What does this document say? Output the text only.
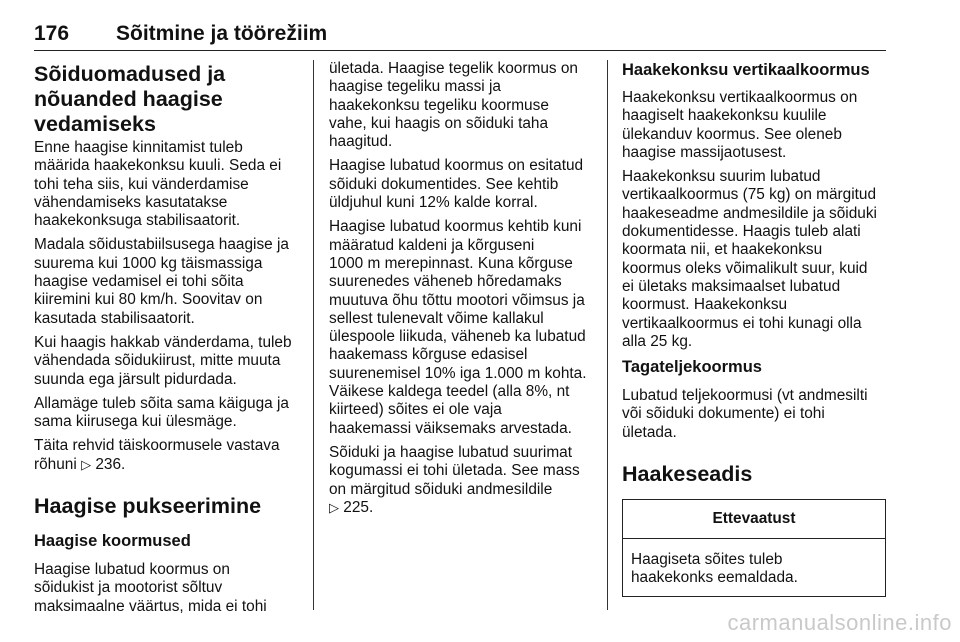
176 Sõitmine ja töörežiim
Sõiduomadused ja
nõuanded haagise
vedamiseks

Enne haagise kinnitamist tuleb
määrida haakekonksu kuuli. Seda ei
tohi teha siis, kui vänderdamise
vähendamiseks kasutatakse
haakekonksuga stabilisaatorit.

Madala sõidustabiilsusega haagise ja
suurema kui 1000 kg täismassiga
haagise vedamisel ei tohi sõita
kiiremini kui 80 km/h. Soovitav on
kasutada stabilisaatorit.

Kui haagis hakkab vänderdama, tuleb
vähendada sõidukiirust, mitte muuta
suunda ega järsult pidurdada.

Allamäge tuleb sõita sama käiguga ja
sama kiirusega kui ülesmäge.

Täita rehvid täiskoormusele vastava
rõhuni ▷ 236.

Haagise pukseerimine
Haagise koormused

Haagise lubatud koormus on
sõidukist ja mootorist sõltuv
maksimaalne väärtus, mida ei tohi

ületada. Haagise tegelik koormus on
haagise tegeliku massi ja
haakekonksu tegeliku koormuse
vahe, kui haagis on sõiduki taha
haagitud.

Haagise lubatud koormus on esitatud
sõiduki dokumentides. See kehtib
üldjuhul kuni 12% kalde korral.

Haagise lubatud koormus kehtib kuni
määratud kaldeni ja kõrguseni
1000 m merepinnast. Kuna kõrguse
suurenedes väheneb hõredamaks
muutuva õhu tõttu mootori võimsus ja
sellest tulenevalt võime kallakul
ülespoole liikuda, väheneb ka lubatud
haakemass kõrguse edasisel
suurenemisel 10% iga 1.000 m kohta.
Väikese kaldega teedel (alla 8%, nt
kiirteed) sõites ei ole vaja
haakemassi väiksemaks arvestada.

Sõiduki ja haagise lubatud suurimat
kogumassi ei tohi ületada. See mass
on märgitud sõiduki andmesildile
▷ 225.

Haakekonksu vertikaalkoormus

Haakekonksu vertikaalkoormus on
haagiselt haakekonksu kuulile
ülekanduv koormus. See oleneb
haagise massijaotusest.

Haakekonksu suurim lubatud
vertikaalkoormus (75 kg) on märgitud
haakeseadme andmesildile ja sõiduki
dokumentidesse. Haagis tuleb alati
koormata nii, et haakekonksu
koormus oleks võimalikult suur, kuid
ei ületaks maksimaalset lubatud
koormust. Haakekonksu
vertikaalkoormus ei tohi kunagi olla
alla 25 kg.

Tagateljekoormus

Lubatud teljekoormusi (vt andmesilti
või sõiduki dokumente) ei tohi
ületada.

Haakeseadis
Ettevaatust
Haagiseta sõites tuleb
haakekonks eemaldada.
carmanualsonline.info
